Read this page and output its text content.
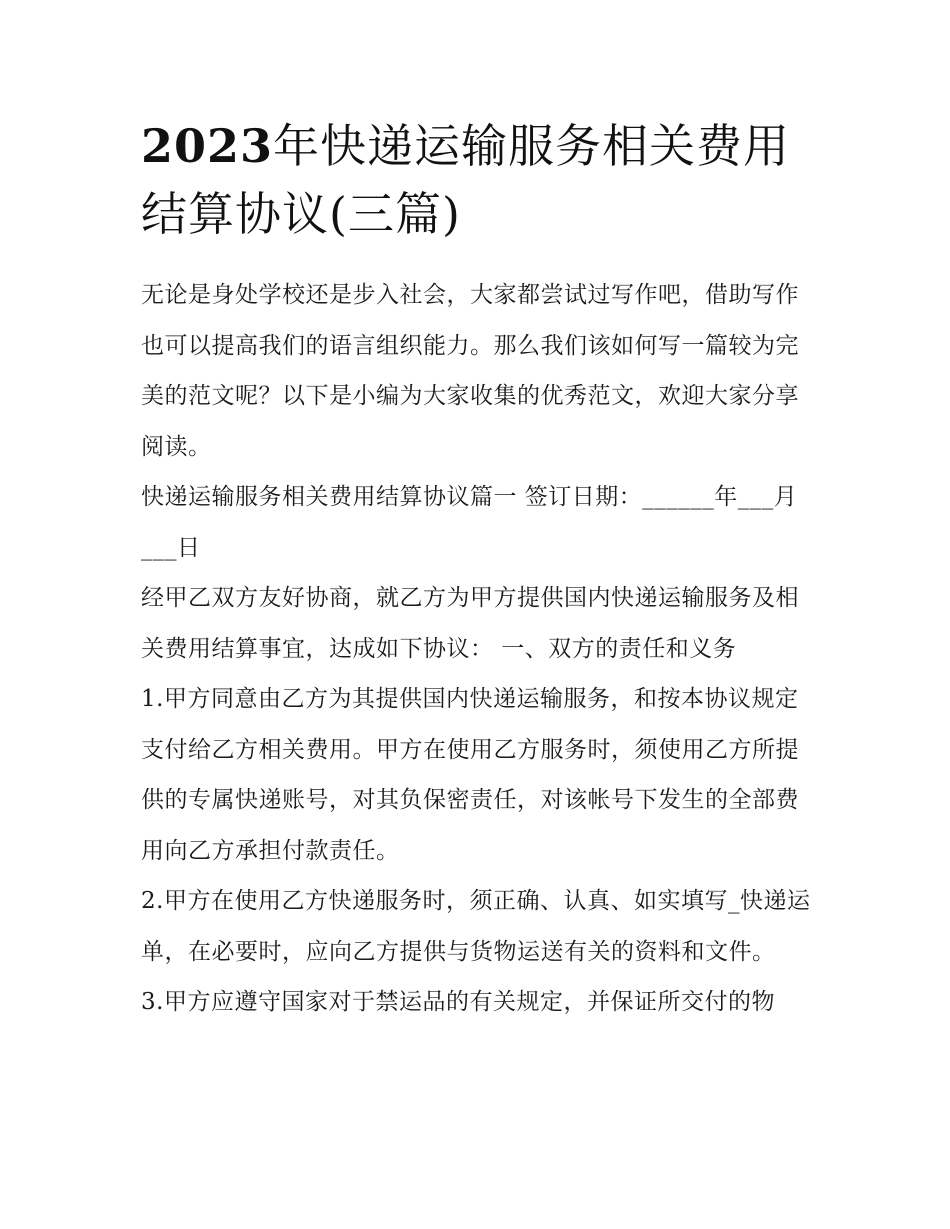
2023年快递运输服务相关费用结算协议(三篇)

无论是身处学校还是步入社会，大家都尝试过写作吧，借助写作也可以提高我们的语言组织能力。那么我们该如何写一篇较为完美的范文呢？以下是小编为大家收集的优秀范文，欢迎大家分享阅读。

快递运输服务相关费用结算协议篇一 签订日期：______年___月___日

经甲乙双方友好协商，就乙方为甲方提供国内快递运输服务及相关费用结算事宜，达成如下协议： 一、双方的责任和义务

1.甲方同意由乙方为其提供国内快递运输服务，和按本协议规定支付给乙方相关费用。甲方在使用乙方服务时，须使用乙方所提供的专属快递账号，对其负保密责任，对该帐号下发生的全部费用向乙方承担付款责任。

2.甲方在使用乙方快递服务时，须正确、认真、如实填写_快递运单，在必要时，应向乙方提供与货物运送有关的资料和文件。

3.甲方应遵守国家对于禁运品的有关规定，并保证所交付的物
